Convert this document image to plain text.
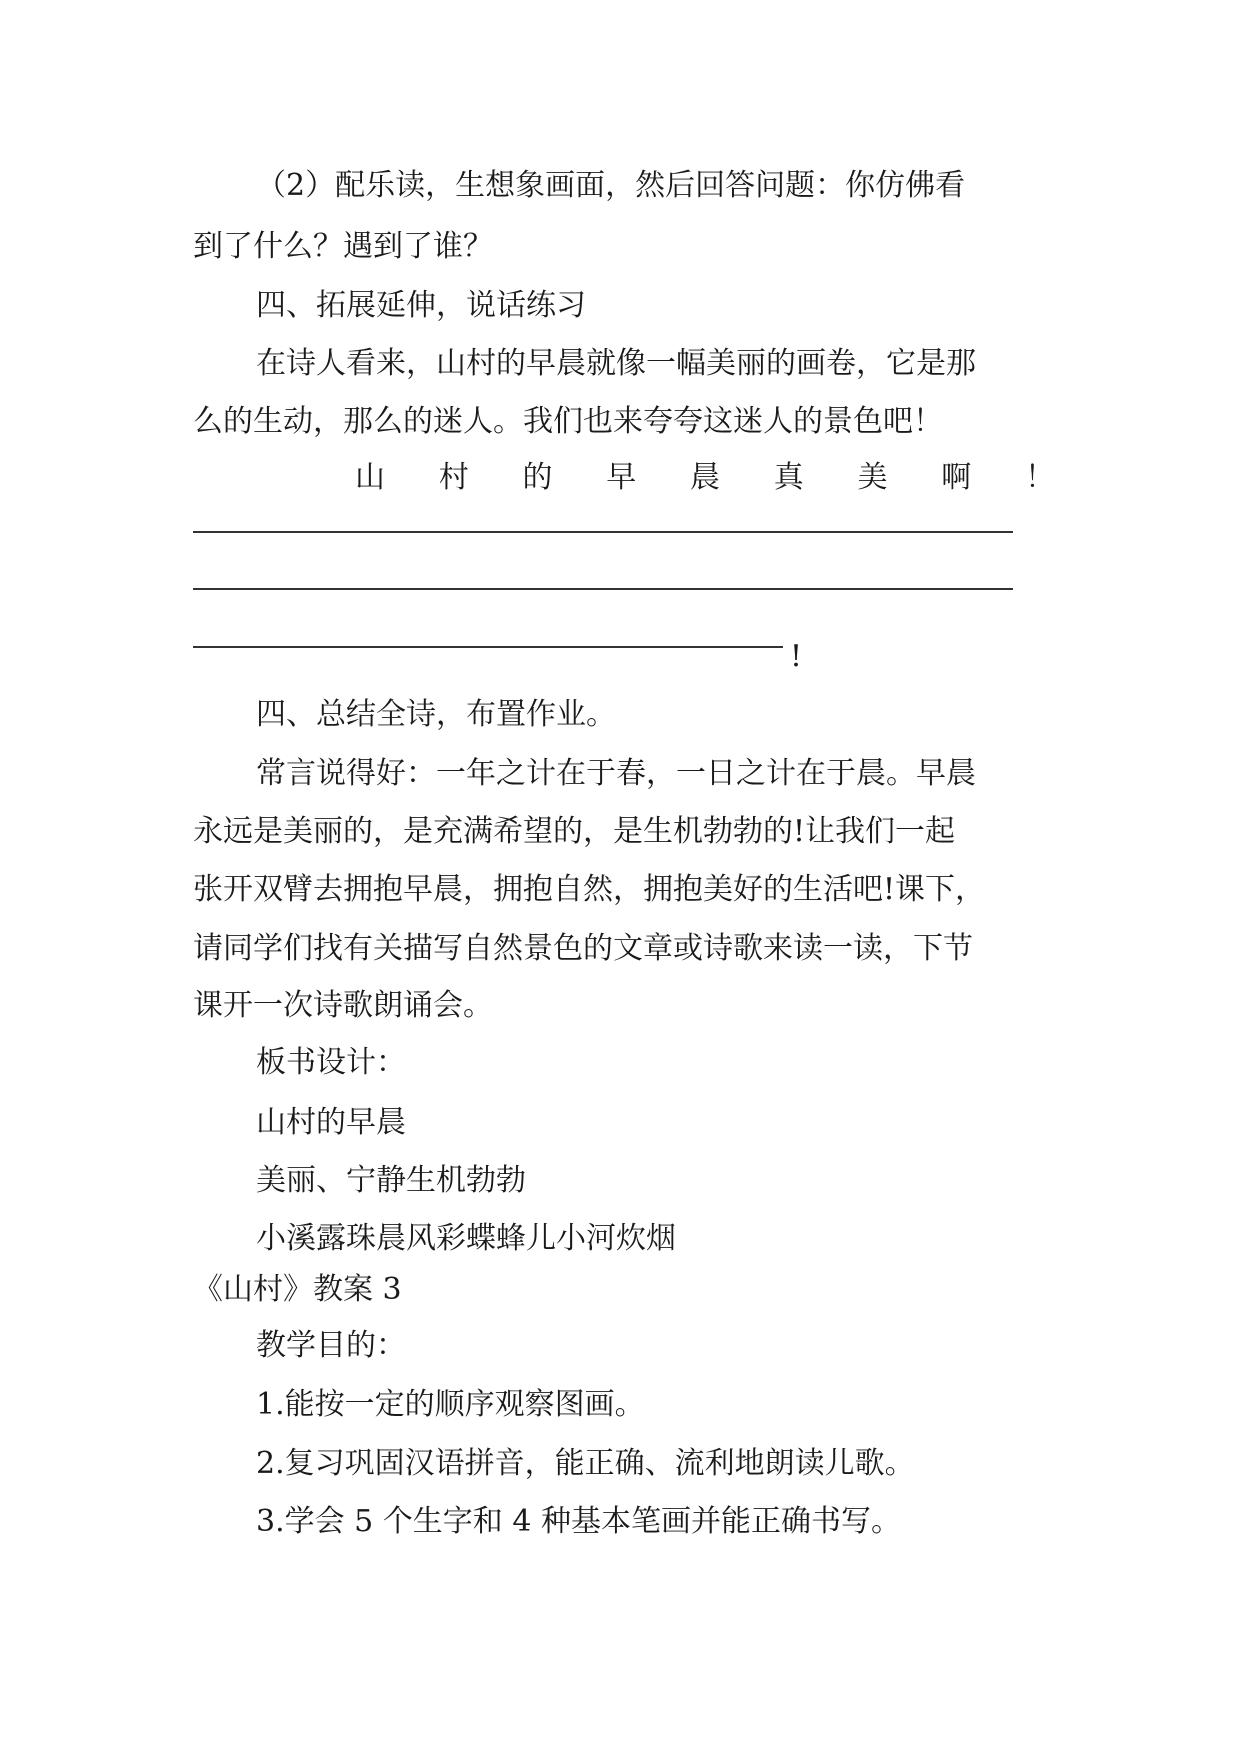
（2）配乐读，生想象画面，然后回答问题：你仿佛看
到了什么？遇到了谁？
四、拓展延伸，说话练习
在诗人看来，山村的早晨就像一幅美丽的画卷，它是那
么的生动，那么的迷人。我们也来夸夸这迷人的景色吧！
山 村 的 早 晨 真 美 啊 ！
!
四、总结全诗，布置作业。
常言说得好：一年之计在于春，一日之计在于晨。早晨
永远是美丽的，是充满希望的，是生机勃勃的!让我们一起
张开双臂去拥抱早晨，拥抱自然，拥抱美好的生活吧!课下，
请同学们找有关描写自然景色的文章或诗歌来读一读，下节
课开一次诗歌朗诵会。
板书设计：
山村的早晨
美丽、宁静生机勃勃
小溪露珠晨风彩蝶蜂儿小河炊烟
《山村》教案 3
教学目的：
1.能按一定的顺序观察图画。
2.复习巩固汉语拼音，能正确、流利地朗读儿歌。
3.学会 5 个生字和 4 种基本笔画并能正确书写。
